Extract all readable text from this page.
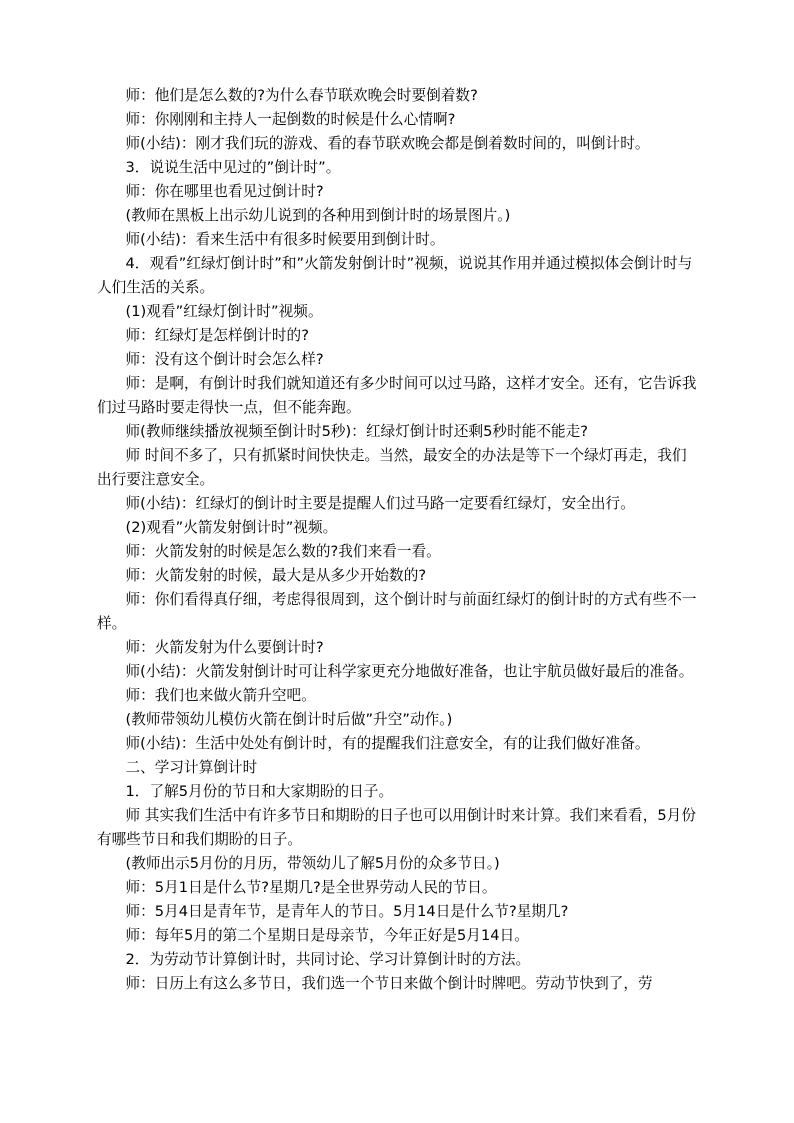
师：他们是怎么数的?为什么春节联欢晚会时要倒着数?

师：你刚刚和主持人一起倒数的时候是什么心情啊?

师(小结)：刚才我们玩的游戏、看的春节联欢晚会都是倒着数时间的，叫倒计时。

3．说说生活中见过的”倒计时”。

师：你在哪里也看见过倒计时?

(教师在黑板上出示幼儿说到的各种用到倒计时的场景图片。)

师(小结)：看来生活中有很多时候要用到倒计时。

4．观看”红绿灯倒计时”和”火箭发射倒计时”视频，说说其作用并通过模拟体会倒计时与人们生活的关系。

(1)观看”红绿灯倒计时”视频。

师：红绿灯是怎样倒计时的?

师：没有这个倒计时会怎么样?

师：是啊，有倒计时我们就知道还有多少时间可以过马路，这样才安全。还有，它告诉我们过马路时要走得快一点，但不能奔跑。

师(教师继续播放视频至倒计时5秒)：红绿灯倒计时还剩5秒时能不能走?

师 时间不多了，只有抓紧时间快快走。当然，最安全的办法是等下一个绿灯再走，我们出行要注意安全。

师(小结)：红绿灯的倒计时主要是提醒人们过马路一定要看红绿灯，安全出行。

(2)观看”火箭发射倒计时”视频。

师：火箭发射的时候是怎么数的?我们来看一看。

师：火箭发射的时候，最大是从多少开始数的?

师：你们看得真仔细，考虑得很周到，这个倒计时与前面红绿灯的倒计时的方式有些不一样。

师：火箭发射为什么要倒计时?

师(小结)：火箭发射倒计时可让科学家更充分地做好准备，也让宇航员做好最后的准备。

师：我们也来做火箭升空吧。

(教师带领幼儿模仿火箭在倒计时后做”升空”动作。)

师(小结)：生活中处处有倒计时，有的提醒我们注意安全，有的让我们做好准备。

二、学习计算倒计时

1．了解5月份的节日和大家期盼的日子。

师 其实我们生活中有许多节日和期盼的日子也可以用倒计时来计算。我们来看看，5月份有哪些节日和我们期盼的日子。

(教师出示5月份的月历，带领幼儿了解5月份的众多节日。)

师：5月1日是什么节?星期几?是全世界劳动人民的节日。

师：5月4日是青年节，是青年人的节日。5月14日是什么节?星期几?

师：每年5月的第二个星期日是母亲节，今年正好是5月14日。

2．为劳动节计算倒计时，共同讨论、学习计算倒计时的方法。

师：日历上有这么多节日，我们选一个节日来做个倒计时牌吧。劳动节快到了，劳
